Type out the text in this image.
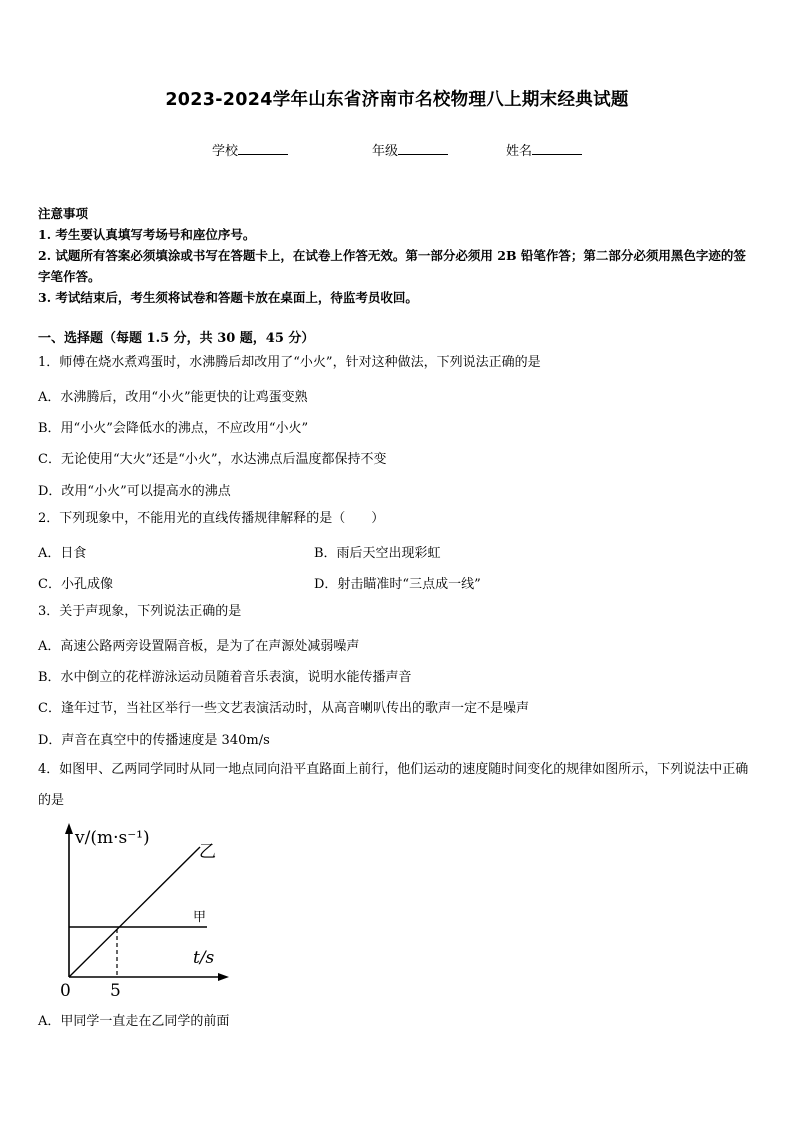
2023-2024学年山东省济南市名校物理八上期末经典试题
学校	年级	姓名
注意事项
1. 考生要认真填写考场号和座位序号。
2. 试题所有答案必须填涂或书写在答题卡上，在试卷上作答无效。第一部分必须用 2B 铅笔作答；第二部分必须用黑色字迹的签字笔作答。
3. 考试结束后，考生须将试卷和答题卡放在桌面上，待监考员收回。
一、选择题（每题 1.5 分，共 30 题，45 分）
1．师傅在烧水煮鸡蛋时，水沸腾后却改用了“小火”，针对这种做法，下列说法正确的是
A．水沸腾后，改用“小火”能更快的让鸡蛋变熟
B．用“小火”会降低水的沸点，不应改用“小火”
C．无论使用“大火”还是“小火”，水达沸点后温度都保持不变
D．改用“小火”可以提高水的沸点
2．下列现象中，不能用光的直线传播规律解释的是（　　）
A．日食	B．雨后天空出现彩虹
C．小孔成像	D．射击瞄准时“三点成一线”
3．关于声现象，下列说法正确的是
A．高速公路两旁设置隔音板，是为了在声源处减弱噪声
B．水中倒立的花样游泳运动员随着音乐表演，说明水能传播声音
C．逢年过节，当社区举行一些文艺表演活动时，从高音喇叭传出的歌声一定不是噪声
D．声音在真空中的传播速度是 340m/s
4．如图甲、乙两同学同时从同一地点同向沿平直路面上前行，他们运动的速度随时间变化的规律如图所示，下列说法中正确的是
v/(m·s⁻¹)
t/s
0 5
乙
甲
A．甲同学一直走在乙同学的前面
